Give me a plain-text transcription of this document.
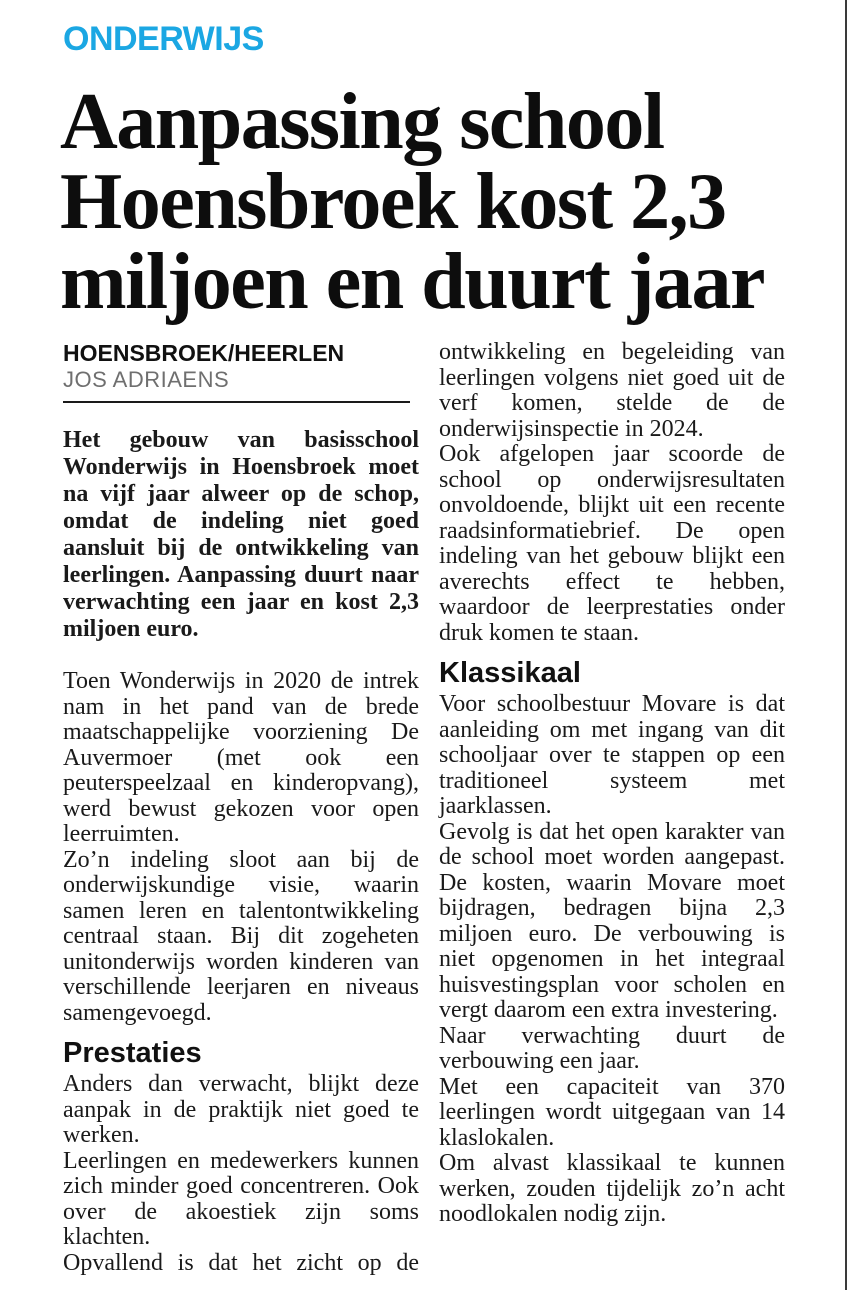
ONDERWIJS
Aanpassing school
Hoensbroek kost 2,3
miljoen en duurt jaar
HOENSBROEK/HEERLEN
JOS ADRIAENS

Het gebouw van basisschool Wonderwijs in Hoensbroek moet na vijf jaar alweer op de schop, omdat de indeling niet goed aansluit bij de ontwikkeling van leerlingen. Aanpassing duurt naar verwachting een jaar en kost 2,3 miljoen euro.

Toen Wonderwijs in 2020 de intrek nam in het pand van de brede maatschappelijke voorziening De Auvermoer (met ook een peuterspeelzaal en kinderopvang), werd bewust gekozen voor open leerruimten.

Zo’n indeling sloot aan bij de onderwijskundige visie, waarin samen leren en talentontwikkeling centraal staan. Bij dit zogeheten unitonderwijs worden kinderen van verschillende leerjaren en niveaus samengevoegd.

Prestaties

Anders dan verwacht, blijkt deze aanpak in de praktijk niet goed te werken.

Leerlingen en medewerkers kunnen zich minder goed concentreren. Ook over de akoestiek zijn soms klachten.

Opvallend is dat het zicht op de

ontwikkeling en begeleiding van leerlingen volgens niet goed uit de verf komen, stelde de de onderwijsinspectie in 2024.

Ook afgelopen jaar scoorde de school op onderwijsresultaten onvoldoende, blijkt uit een recente raadsinformatiebrief. De open indeling van het gebouw blijkt een averechts effect te hebben, waardoor de leerprestaties onder druk komen te staan.

Klassikaal

Voor schoolbestuur Movare is dat aanleiding om met ingang van dit schooljaar over te stappen op een traditioneel systeem met jaarklassen.

Gevolg is dat het open karakter van de school moet worden aangepast. De kosten, waarin Movare moet bijdragen, bedragen bijna 2,3 miljoen euro. De verbouwing is niet opgenomen in het integraal huisvestingsplan voor scholen en vergt daarom een extra investering.

Naar verwachting duurt de verbouwing een jaar.

Met een capaciteit van 370 leerlingen wordt uitgegaan van 14 klaslokalen.

Om alvast klassikaal te kunnen werken, zouden tijdelijk zo’n acht noodlokalen nodig zijn.
